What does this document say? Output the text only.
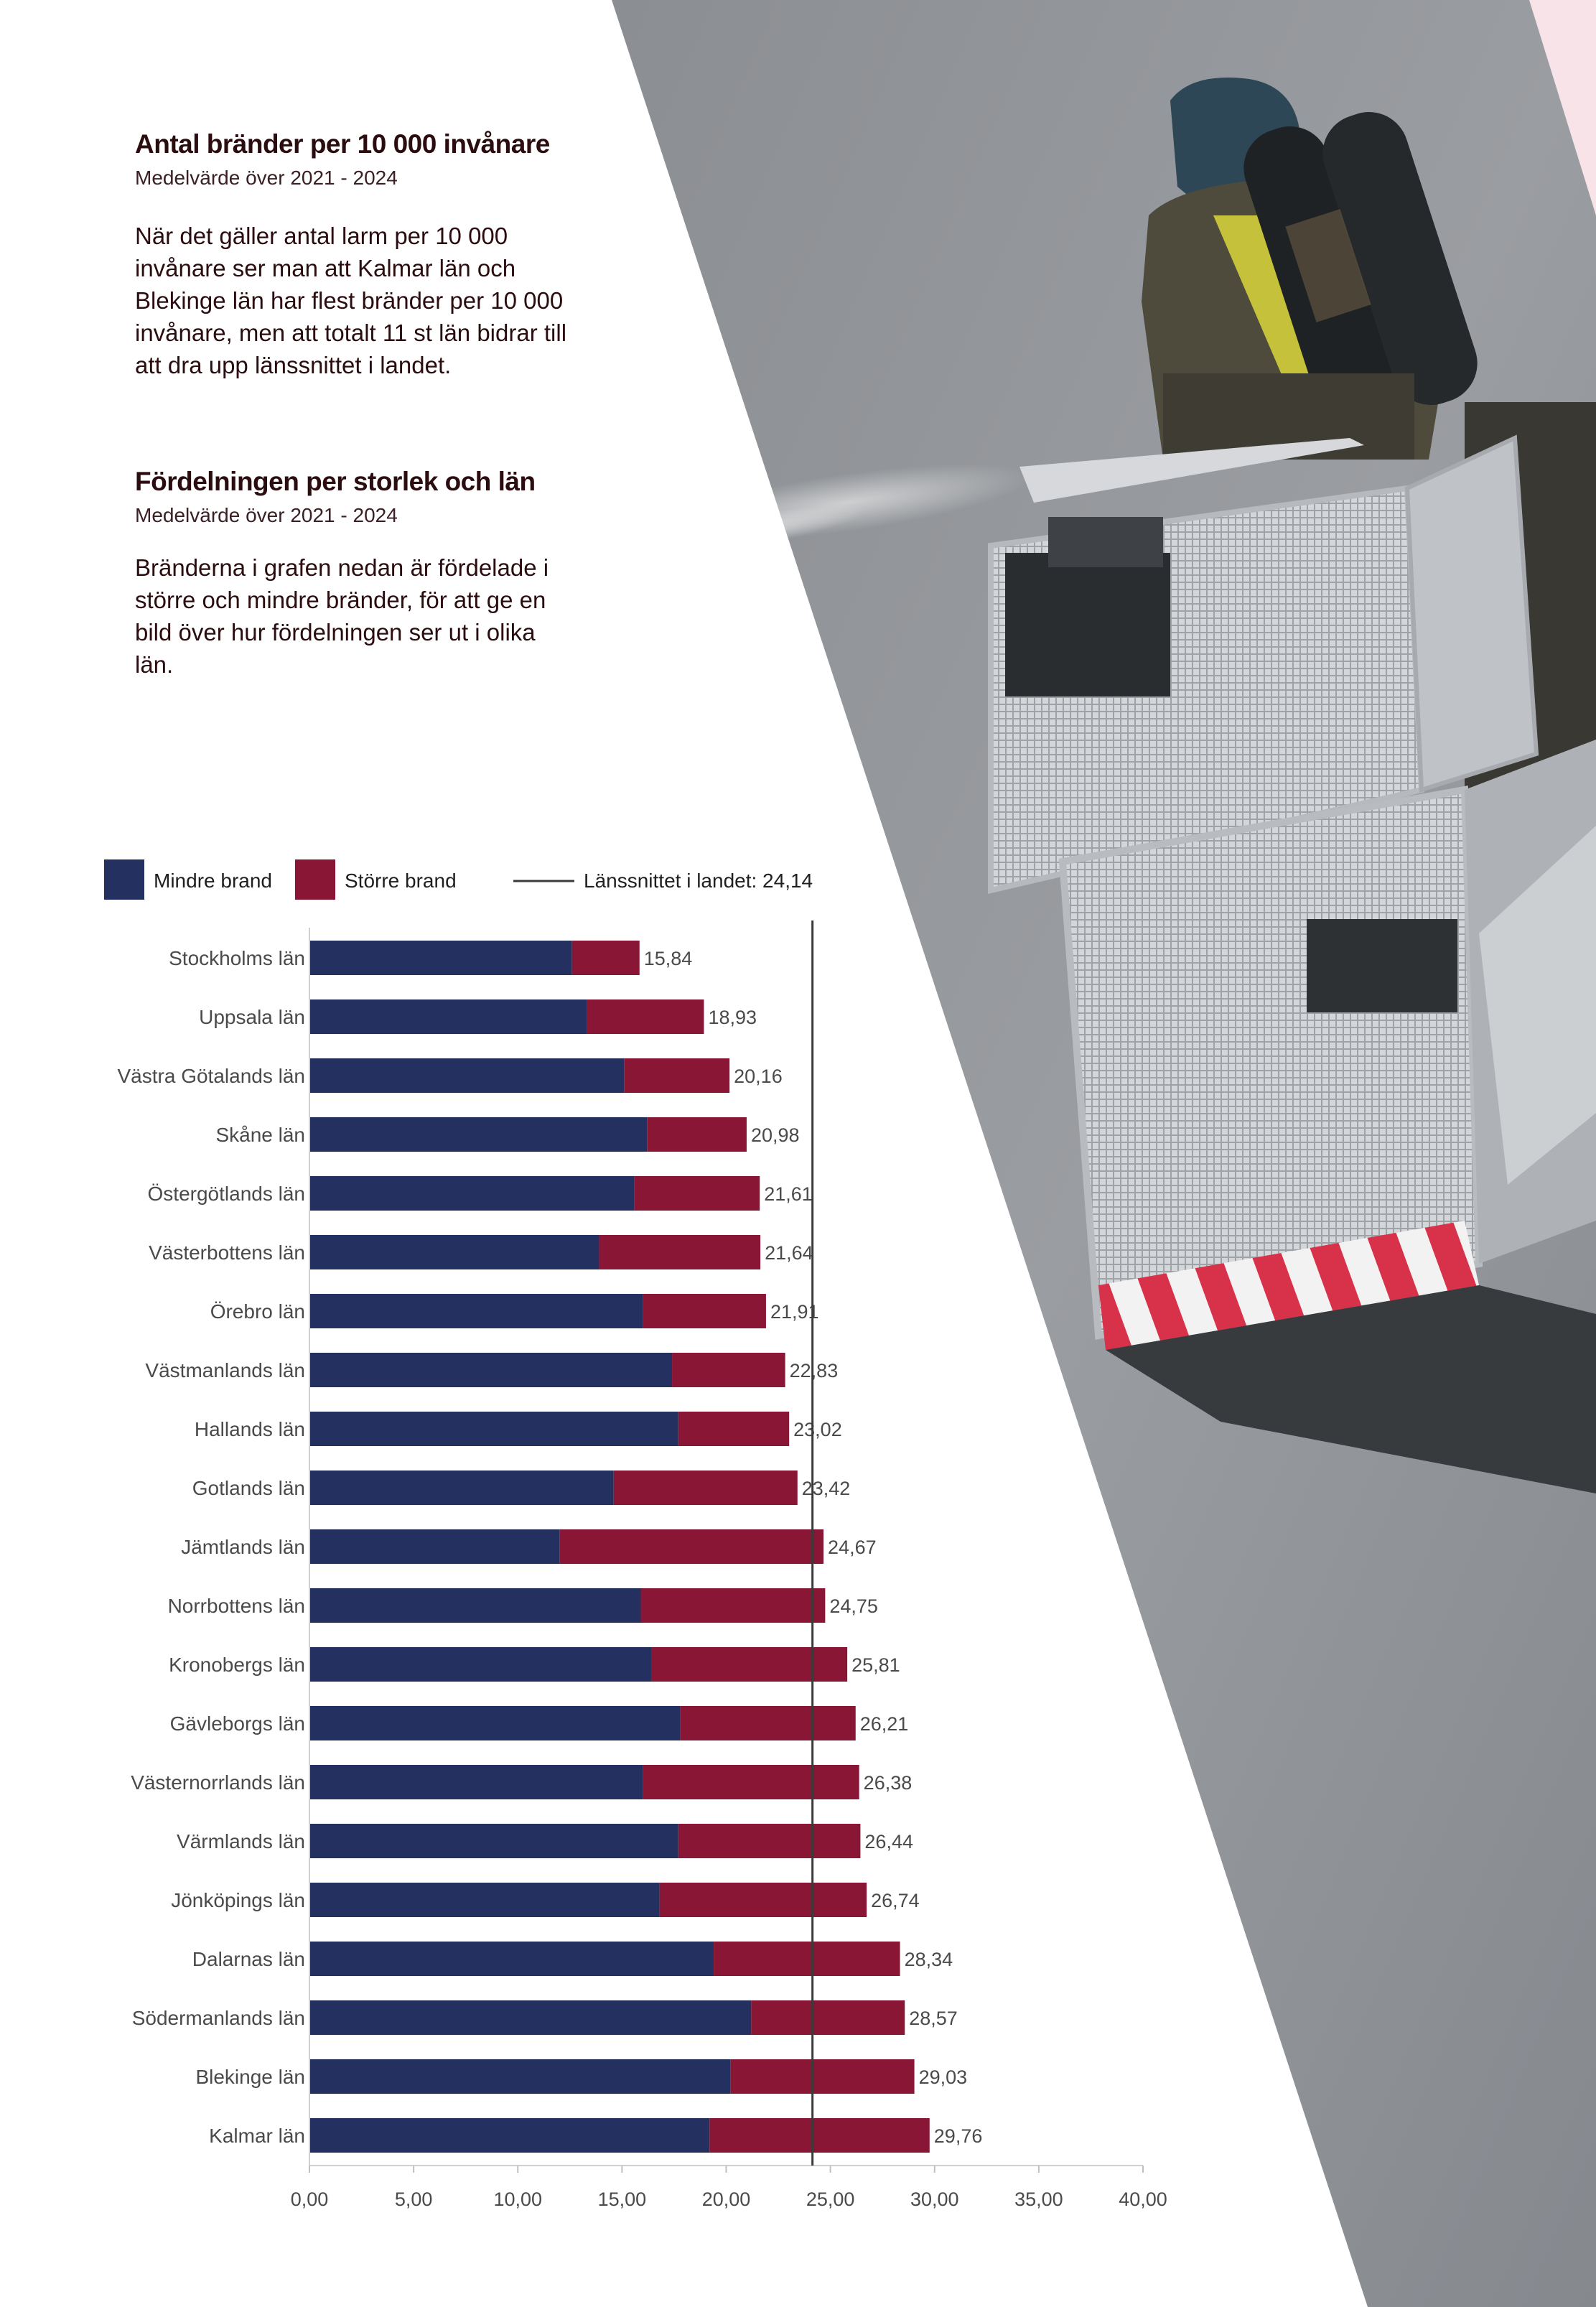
Antal bränder per 10 000 invånare
Medelvärde över 2021 - 2024

När det gäller antal larm per 10 000 invånare ser man att Kalmar län och Blekinge län har flest bränder per 10 000 invånare, men att totalt 11 st län bidrar till att dra upp länssnittet i landet.

Fördelningen per storlek och län
Medelvärde över 2021 - 2024

Bränderna i grafen nedan är fördelade i större och mindre bränder, för att ge en bild över hur fördelningen ser ut i olika län.

Mindre brand	Större brand	Länssnittet i landet: 24,14
Stockholms län	15,84
Uppsala län	18,93
Västra Götalands län	20,16
Skåne län	20,98
Östergötlands län	21,61
Västerbottens län	21,64
Örebro län	21,91
Västmanlands län	22,83
Hallands län	23,02
Gotlands län	23,42
Jämtlands län	24,67
Norrbottens län	24,75
Kronobergs län	25,81
Gävleborgs län	26,21
Västernorrlands län	26,38
Värmlands län	26,44
Jönköpings län	26,74
Dalarnas län	28,34
Södermanlands län	28,57
Blekinge län	29,03
Kalmar län	29,76
0,00	5,00	10,00	15,00	20,00	25,00	30,00	35,00	40,00
